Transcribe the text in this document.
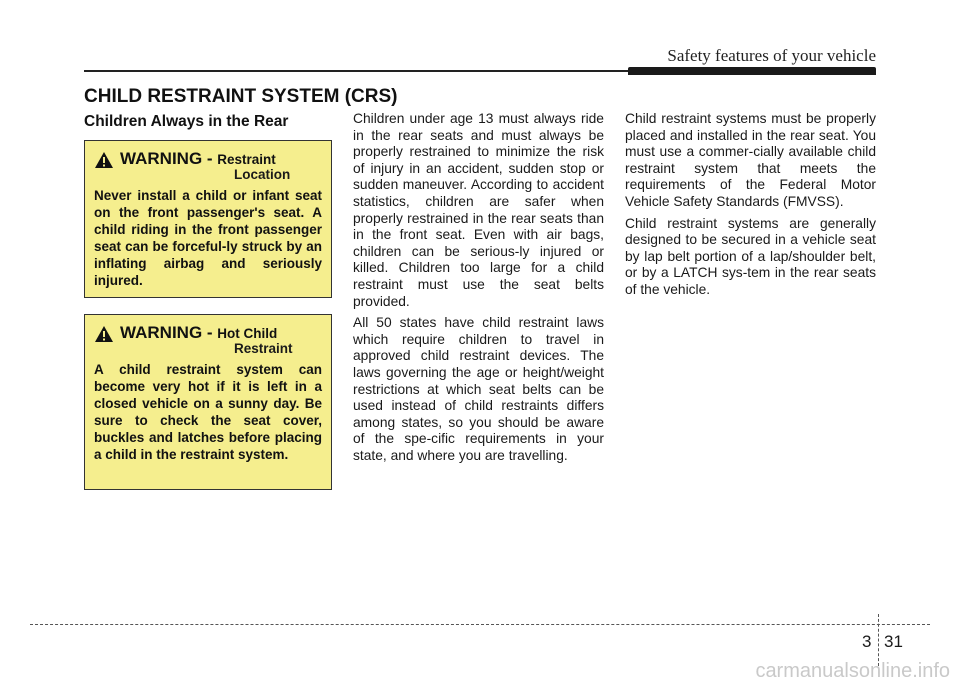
Safety features of your vehicle
CHILD RESTRAINT SYSTEM (CRS)
Children Always in the Rear
WARNING - Restraint
Location
Never install a child or infant seat on the front passenger's seat. A child riding in the front passenger seat can be forceful-ly struck by an inflating airbag and seriously injured.
WARNING - Hot Child
Restraint
A child restraint system can become very hot if it is left in a closed vehicle on a sunny day. Be sure to check the seat cover, buckles and latches before placing a child in the restraint system.

Children under age 13 must always ride in the rear seats and must always be properly restrained to minimize the risk of injury in an accident, sudden stop or sudden maneuver. According to accident statistics, children are safer when properly restrained in the rear seats than in the front seat. Even with air bags, children can be serious-ly injured or killed. Children too large for a child restraint must use the seat belts provided.

All 50 states have child restraint laws which require children to travel in approved child restraint devices. The laws governing the age or height/weight restrictions at which seat belts can be used instead of child restraints differs among states, so you should be aware of the spe-cific requirements in your state, and where you are travelling.

Child restraint systems must be properly placed and installed in the rear seat. You must use a commer-cially available child restraint system that meets the requirements of the Federal Motor Vehicle Safety Standards (FMVSS).

Child restraint systems are generally designed to be secured in a vehicle seat by lap belt portion of a lap/shoulder belt, or by a LATCH sys-tem in the rear seats of the vehicle.

3 31
carmanualsonline.info
